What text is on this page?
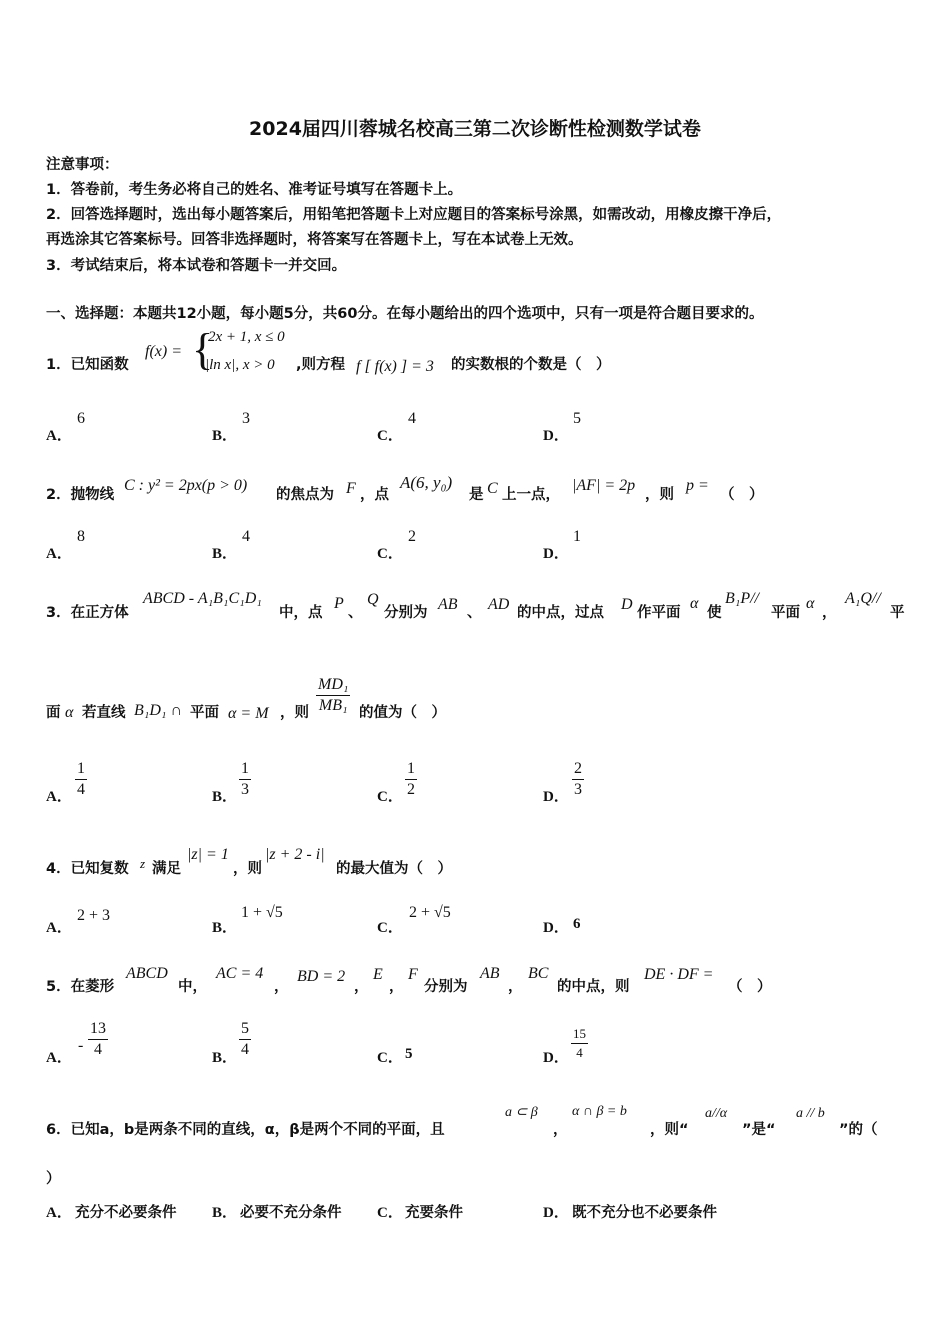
2024届四川蓉城名校高三第二次诊断性检测数学试卷
注意事项：
1．答卷前，考生务必将自己的姓名、准考证号填写在答题卡上。
2．回答选择题时，选出每小题答案后，用铅笔把答题卡上对应题目的答案标号涂黑，如需改动，用橡皮擦干净后，
再选涂其它答案标号。回答非选择题时，将答案写在答题卡上，写在本试卷上无效。
3．考试结束后，将本试卷和答题卡一并交回。
一、选择题：本题共12小题，每小题5分，共60分。在每小题给出的四个选项中，只有一项是符合题目要求的。
1．已知函数
f(x) = {
2x + 1, x ≤ 0
|ln x|, x > 0 ,则方程 f [ f(x) ] = 3 的实数根的个数是（　）
A．
6
B．
3
C．
4
D．
5
2．抛物线
C : y² = 2px(p > 0)
的焦点为 F ，点
A(6, y₀)
是 C 上一点，
|AF| = 2p
，则
p =
（　）
A．
8
B．
4
C．
2
D．
1
3．在正方体
ABCD - A₁B₁C₁D₁
中，点
P
、
Q
分别为 AB 、 AD 的中点，过点 D 作平面
α
使
B₁P//
平面
α
，
A₁Q//
平
面 α 若直线 B₁D₁ ∩ 平面 α = M ，则 $\frac{\text{MD₁}}{\text{MB₁}}$ 的值为（　）
A． $\frac{1}{4}$	B． $\frac{1}{3}$	C． $\frac{1}{2}$	D． $\frac{2}{3}$
4．已知复数 z 满足
|z| = 1
，则
|z + 2 - i|
的最大值为（　）
A．
2 + 3
B．
1 + √5
C．
2 + √5
D． 6
5．在菱形
ABCD
中，
AC = 4
，
BD = 2
，
E
，
F
分别为
AB
，
BC
的中点，则
DE · DF =
（　）
A．
- $\frac{13}{4}$	B． $\frac{5}{4}$	C． 5	D． $\frac{15}{4}$
6．已知a，b是两条不同的直线，α，β是两个不同的平面，且
a ⊂ β
，
α ∩ β = b
，则“
a//α
”是“
a // b
”的（
）
A． 充分不必要条件 B． 必要不充分条件 C． 充要条件	D． 既不充分也不必要条件
